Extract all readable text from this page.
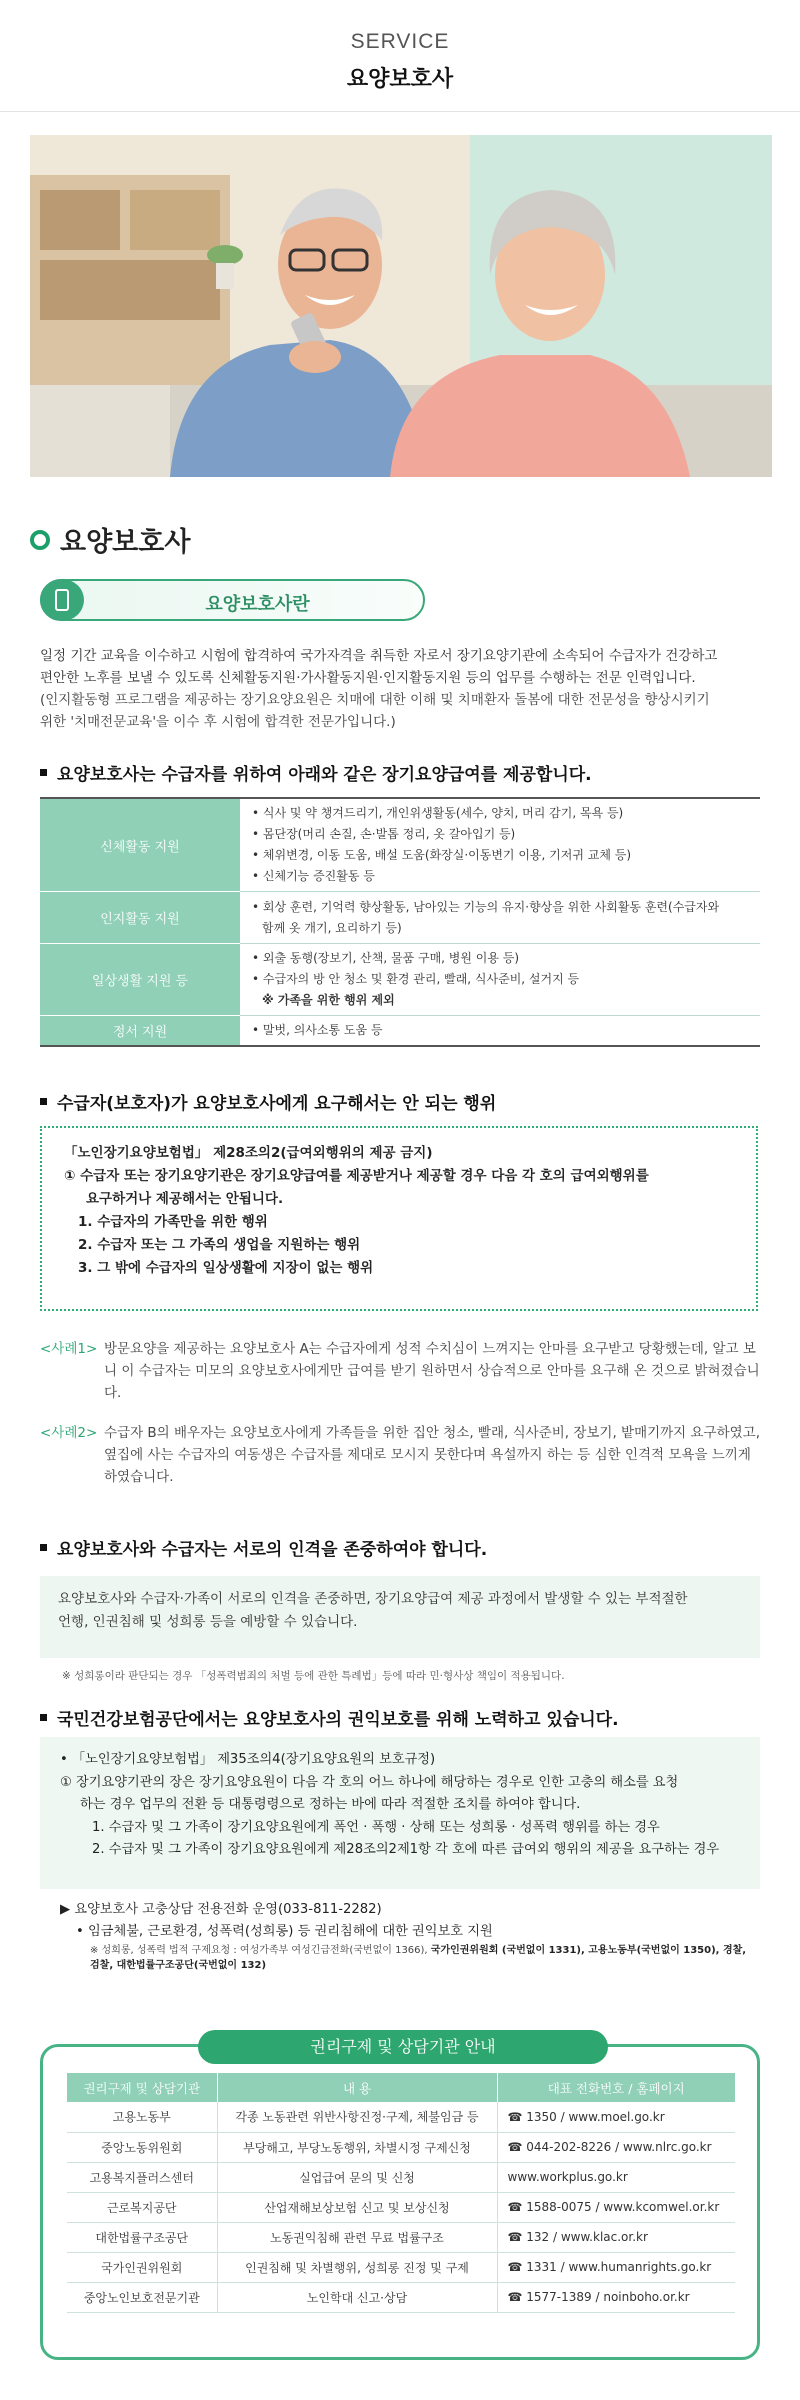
SERVICE
요양보호사
요양보호사
요양보호사란
일정 기간 교육을 이수하고 시험에 합격하여 국가자격을 취득한 자로서 장기요양기관에 소속되어 수급자가 건강하고
편안한 노후를 보낼 수 있도록 신체활동지원·가사활동지원·인지활동지원 등의 업무를 수행하는 전문 인력입니다.
(인지활동형 프로그램을 제공하는 장기요양요원은 치매에 대한 이해 및 치매환자 돌봄에 대한 전문성을 향상시키기
위한 '치매전문교육'을 이수 후 시험에 합격한 전문가입니다.)
요양보호사는 수급자를 위하여 아래와 같은 장기요양급여를 제공합니다.
신체활동 지원	• 식사 및 약 챙겨드리기, 개인위생활동(세수, 양치, 머리 감기, 목욕 등)
• 몸단장(머리 손질, 손·발톱 정리, 옷 갈아입기 등)
• 체위변경, 이동 도움, 배설 도움(화장실·이동변기 이용, 기저귀 교체 등)
• 신체기능 증진활동 등

인지활동 지원	• 회상 훈련, 기억력 향상활동, 남아있는 기능의 유지·향상을 위한 사회활동 훈련(수급자와
함께 옷 개기, 요리하기 등)

일상생활 지원 등	• 외출 동행(장보기, 산책, 물품 구매, 병원 이용 등)
• 수급자의 방 안 청소 및 환경 관리, 빨래, 식사준비, 설거지 등
※ 가족을 위한 행위 제외

정서 지원	• 말벗, 의사소통 도움 등
수급자(보호자)가 요양보호사에게 요구해서는 안 되는 행위
「노인장기요양보험법」 제28조의2(급여외행위의 제공 금지)
① 수급자 또는 장기요양기관은 장기요양급여를 제공받거나 제공할 경우 다음 각 호의 급여외행위를
요구하거나 제공해서는 안됩니다.
1. 수급자의 가족만을 위한 행위
2. 수급자 또는 그 가족의 생업을 지원하는 행위
3. 그 밖에 수급자의 일상생활에 지장이 없는 행위
<사례1> 방문요양을 제공하는 요양보호사 A는 수급자에게 성적 수치심이 느껴지는 안마를 요구받고 당황했는데, 알고 보니 이 수급자는 미모의 요양보호사에게만 급여를 받기 원하면서 상습적으로 안마를 요구해 온 것으로 밝혀졌습니다.
<사례2> 수급자 B의 배우자는 요양보호사에게 가족들을 위한 집안 청소, 빨래, 식사준비, 장보기, 밭매기까지 요구하였고, 옆집에 사는 수급자의 여동생은 수급자를 제대로 모시지 못한다며 욕설까지 하는 등 심한 인격적 모욕을 느끼게 하였습니다.
요양보호사와 수급자는 서로의 인격을 존중하여야 합니다.
요양보호사와 수급자·가족이 서로의 인격을 존중하면, 장기요양급여 제공 과정에서 발생할 수 있는 부적절한
언행, 인권침해 및 성희롱 등을 예방할 수 있습니다.
※ 성희롱이라 판단되는 경우 「성폭력범죄의 처벌 등에 관한 특례법」등에 따라 민·형사상 책임이 적용됩니다.
국민건강보험공단에서는 요양보호사의 권익보호를 위해 노력하고 있습니다.
• 「노인장기요양보험법」 제35조의4(장기요양요원의 보호규정)
① 장기요양기관의 장은 장기요양요원이 다음 각 호의 어느 하나에 해당하는 경우로 인한 고충의 해소를 요청
하는 경우 업무의 전환 등 대통령령으로 정하는 바에 따라 적절한 조치를 하여야 합니다.
1. 수급자 및 그 가족이 장기요양요원에게 폭언 · 폭행 · 상해 또는 성희롱 · 성폭력 행위를 하는 경우
2. 수급자 및 그 가족이 장기요양요원에게 제28조의2제1항 각 호에 따른 급여외 행위의 제공을 요구하는 경우
▶ 요양보호사 고충상담 전용전화 운영(033-811-2282)
• 임금체불, 근로환경, 성폭력(성희롱) 등 권리침해에 대한 권익보호 지원
※ 성희롱, 성폭력 법적 구제요청 : 여성가족부 여성긴급전화(국번없이 1366), 국가인권위원회 (국번없이 1331), 고용노동부(국번없이 1350), 경찰,
검찰, 대한법률구조공단(국번없이 132)
권리구제 및 상담기관 안내
권리구제 및 상담기관	내 용	대표 전화번호 / 홈페이지
고용노동부	각종 노동관련 위반사항진정·구제, 체불임금 등	☎ 1350 / www.moel.go.kr
중앙노동위원회	부당해고, 부당노동행위, 차별시정 구제신청	☎ 044-202-8226 / www.nlrc.go.kr
고용복지플러스센터	실업급여 문의 및 신청	www.workplus.go.kr
근로복지공단	산업재해보상보험 신고 및 보상신청	☎ 1588-0075 / www.kcomwel.or.kr
대한법률구조공단	노동권익침해 관련 무료 법률구조	☎ 132 / www.klac.or.kr
국가인권위원회	인권침해 및 차별행위, 성희롱 진정 및 구제	☎ 1331 / www.humanrights.go.kr
중앙노인보호전문기관	노인학대 신고·상담	☎ 1577-1389 / noinboho.or.kr
